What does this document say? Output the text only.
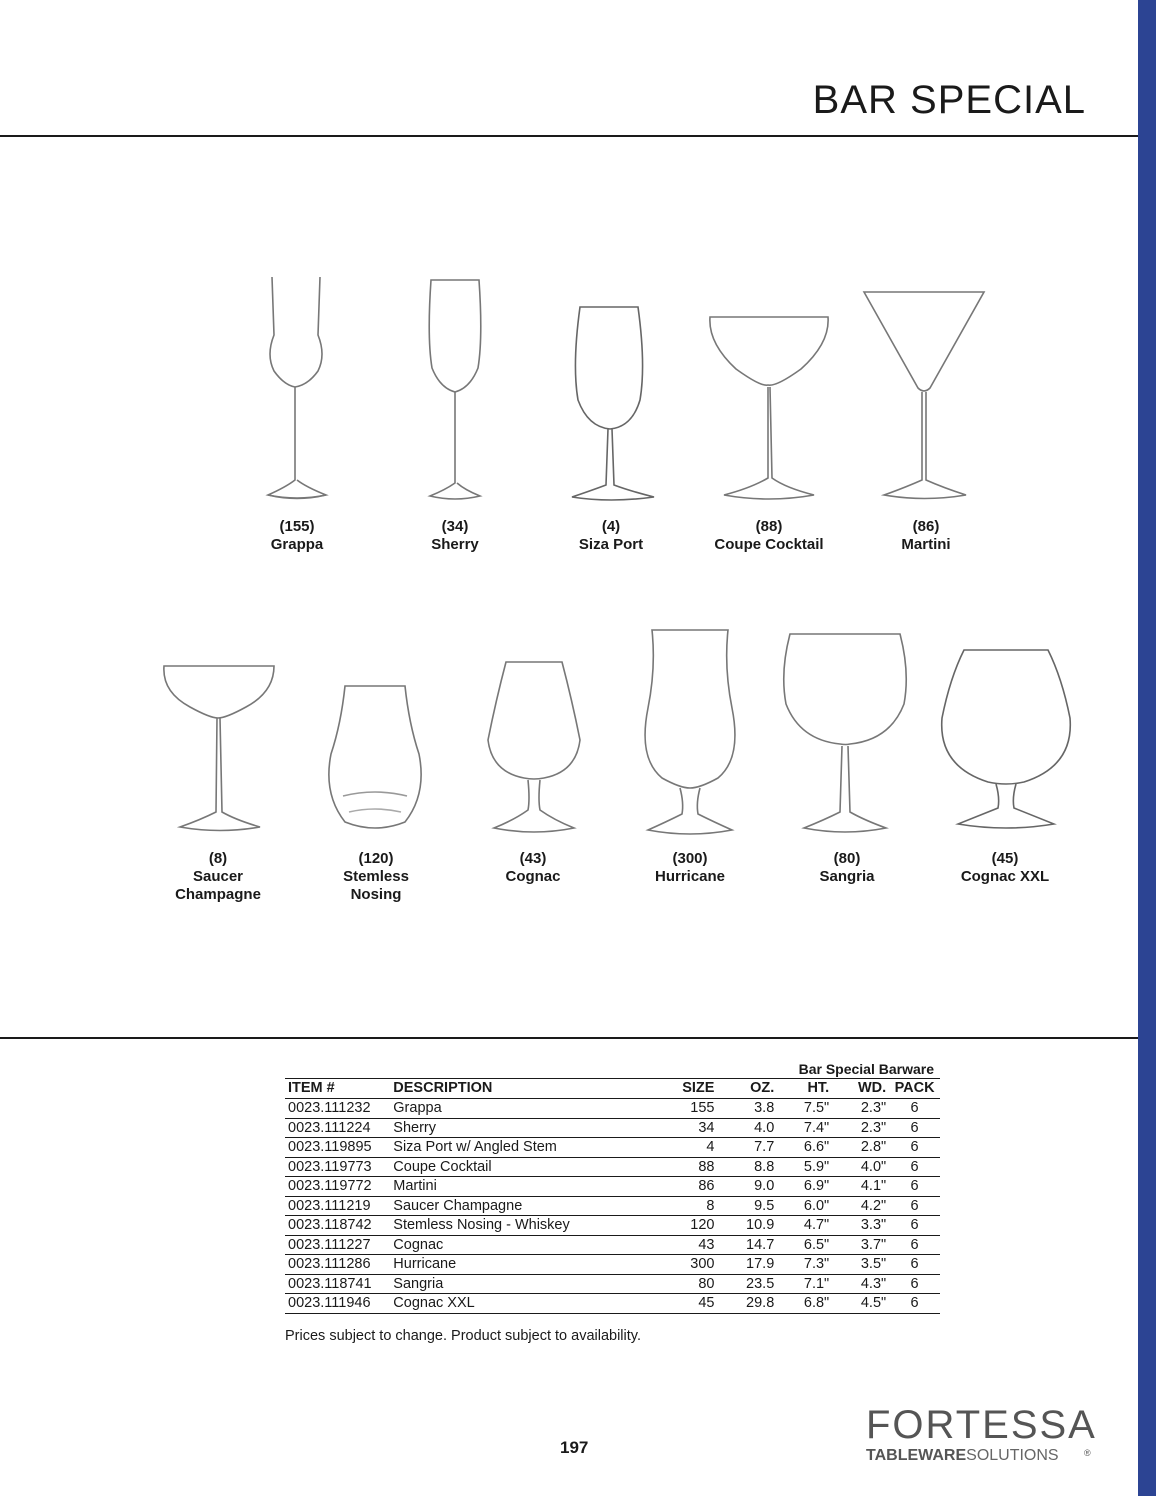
BAR SPECIAL
(155)
Grappa
(34)
Sherry
(4)
Siza Port
(88)
Coupe Cocktail
(86)
Martini
(8)
Saucer
Champagne
(120)
Stemless
Nosing
(43)
Cognac
(300)
Hurricane
(80)
Sangria
(45)
Cognac XXL
Bar Special Barware
ITEM #	DESCRIPTION	SIZE	OZ.	HT.	WD.	PACK
0023.111232	Grappa	155	3.8	7.5"	2.3"	6
0023.111224	Sherry	34	4.0	7.4"	2.3"	6
0023.119895	Siza Port w/ Angled Stem	4	7.7	6.6"	2.8"	6
0023.119773	Coupe Cocktail	88	8.8	5.9"	4.0"	6
0023.119772	Martini	86	9.0	6.9"	4.1"	6
0023.111219	Saucer Champagne	8	9.5	6.0"	4.2"	6
0023.118742	Stemless Nosing - Whiskey	120	10.9	4.7"	3.3"	6
0023.111227	Cognac	43	14.7	6.5"	3.7"	6
0023.111286	Hurricane	300	17.9	7.3"	3.5"	6
0023.118741	Sangria	80	23.5	7.1"	4.3"	6
0023.111946	Cognac XXL	45	29.8	6.8"	4.5"	6
Prices subject to change. Product subject to availability.
197
FORTESSA
®
TABLEWARESOLUTIONS
